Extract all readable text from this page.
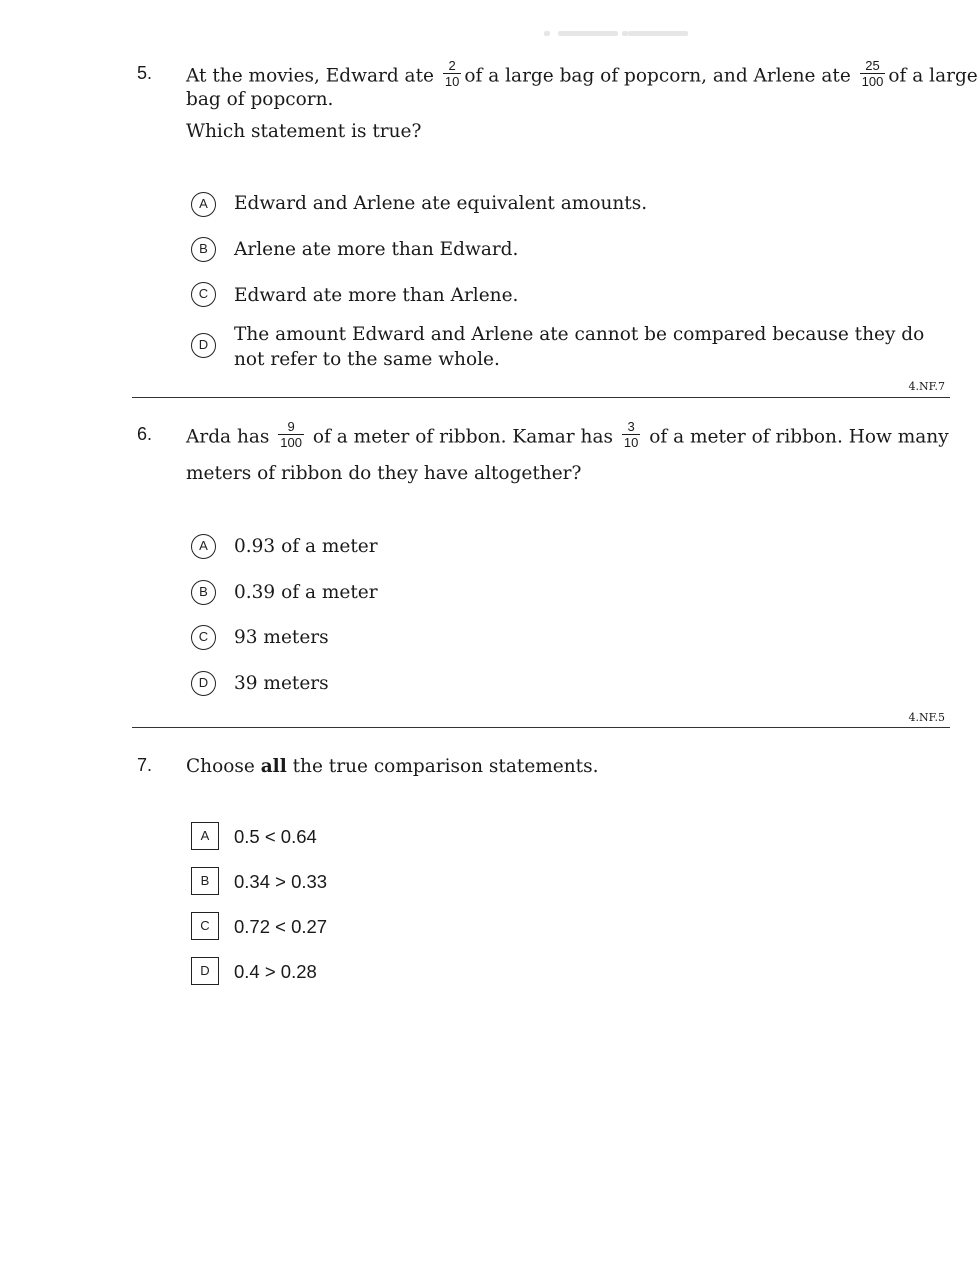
5. At the movies, Edward ate $\frac{2}{10}$ of a large bag of popcorn, and Arlene ate $\frac{25}{100}$ of a large
bag of popcorn.
Which statement is true?
A	Edward and Arlene ate equivalent amounts.
B	Arlene ate more than Edward.
C	Edward ate more than Arlene.
D	The amount Edward and Arlene ate cannot be compared because they do not refer to the same whole.
4.NF.7
6. Arda has $\frac{9}{100}$ of a meter of ribbon. Kamar has $\frac{3}{10}$ of a meter of ribbon. How many
meters of ribbon do they have altogether?
A	0.93 of a meter
B	0.39 of a meter
C	93 meters
D	39 meters
4.NF.5
7. Choose all the true comparison statements.
A	0.5 < 0.64
B	0.34 > 0.33
C	0.72 < 0.27
D	0.4 > 0.28
